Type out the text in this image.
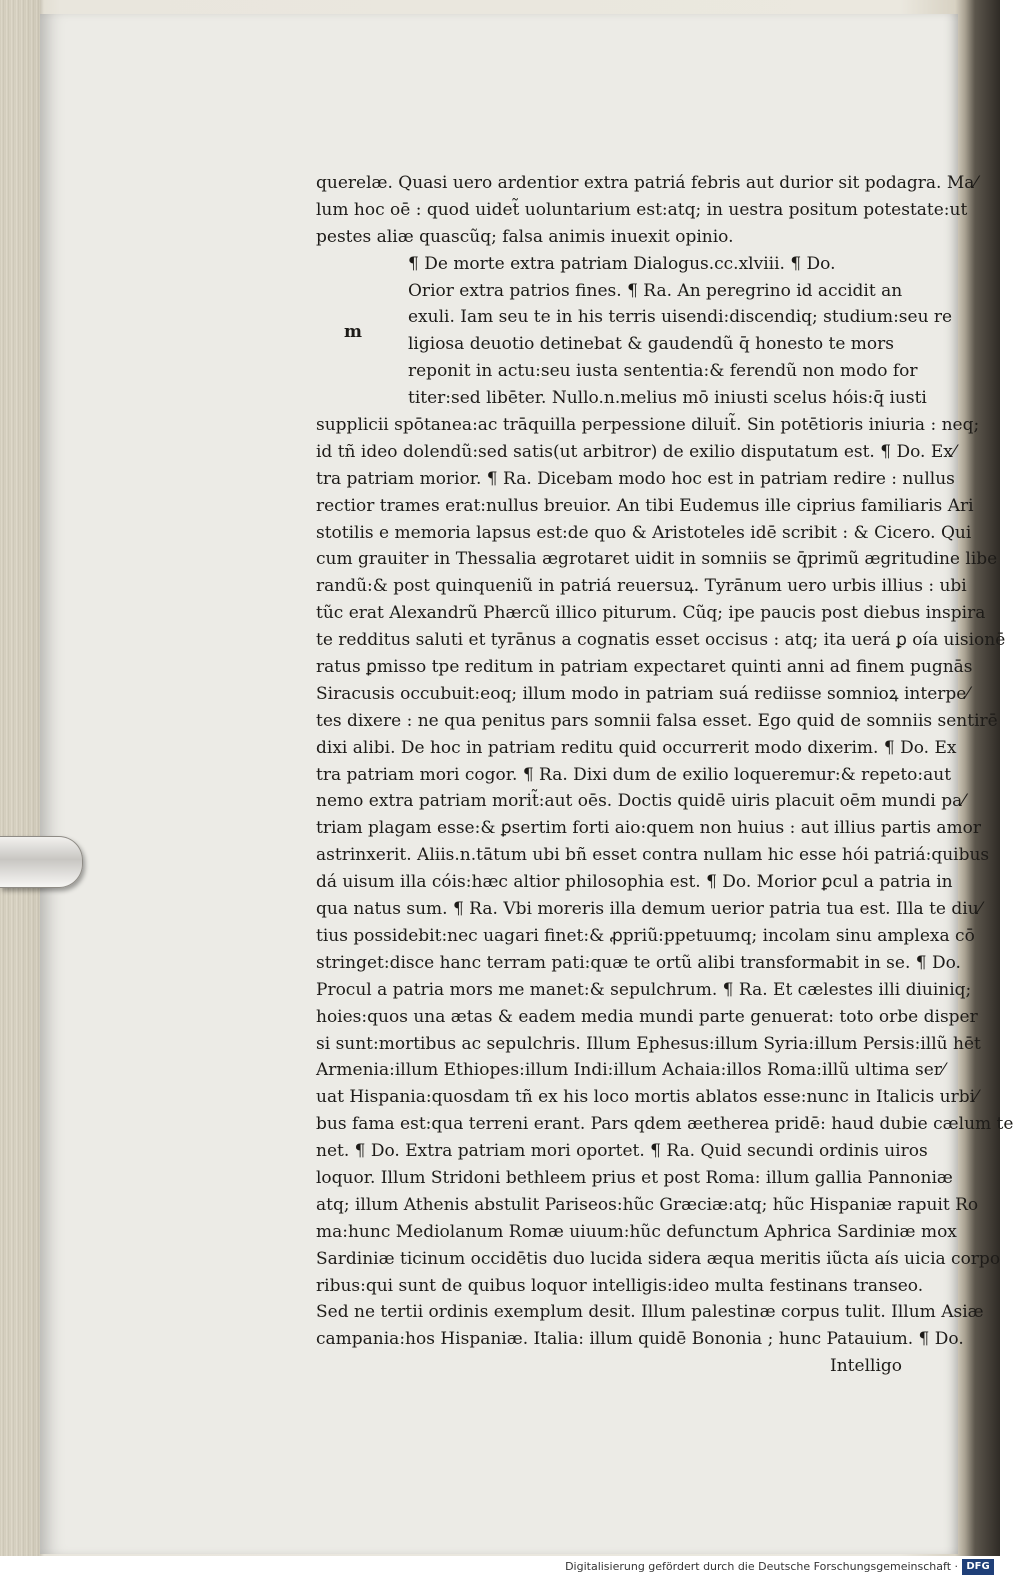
m
querelæ. Quasi uero ardentior extra patriá febris aut durior sit podagra. Ma⁄
lum hoc oē : quod uidet̃ uoluntarium est:atq; in uestra positum potestate:ut
pestes aliæ quascũq; falsa animis inuexit opinio.
¶ De morte extra patriam Dialogus.cc.xlviii. ¶ Do.
Orior extra patrios fines. ¶ Ra. An peregrino id accidit an
exuli. Iam seu te in his terris uisendi:discendiq; studium:seu re
ligiosa deuotio detinebat & gaudendũ q̄ honesto te mors
reponit in actu:seu iusta sententia:& ferendũ non modo for
titer:sed libēter. Nullo.n.melius mō iniusti scelus hóis:q̄ iusti
supplicii spōtanea:ac trāquilla perpessione diluit̃. Sin potētioris iniuria : neq;
id tñ ideo dolendũ:sed satis(ut arbitror) de exilio disputatum est. ¶ Do. Ex⁄
tra patriam morior. ¶ Ra. Dicebam modo hoc est in patriam redire : nullus
rectior trames erat:nullus breuior. An tibi Eudemus ille ciprius familiaris Ari
stotilis e memoria lapsus est:de quo & Aristoteles idē scribit : & Cicero. Qui
cum grauiter in Thessalia ægrotaret uidit in somniis se q̄primũ ægritudine libe
randũ:& post quinqueniũ in patriá reuersuꝝ. Tyrānum uero urbis illius : ubi
tũc erat Alexandrũ Phærcũ illico piturum. Cũq; ipe paucis post diebus inspira
te redditus saluti et tyrānus a cognatis esset occisus : atq; ita uerá ꝑ oía uisionē
ratus ꝑmisso tpe reditum in patriam expectaret quinti anni ad finem pugnās
Siracusis occubuit:eoq; illum modo in patriam suá rediisse somnioꝝ interpe⁄
tes dixere : ne qua penitus pars somnii falsa esset. Ego quid de somniis sentirē
dixi alibi. De hoc in patriam reditu quid occurrerit modo dixerim. ¶ Do. Ex
tra patriam mori cogor. ¶ Ra. Dixi dum de exilio loqueremur:& repeto:aut
nemo extra patriam morit̃:aut oēs. Doctis quidē uiris placuit oēm mundi pa⁄
triam plagam esse:& ꝑsertim forti aio:quem non huius : aut illius partis amor
astrinxerit. Aliis.n.tātum ubi bñ esset contra nullam hic esse hói patriá:quibus
dá uisum illa cóis:hæc altior philosophia est. ¶ Do. Morior ꝑcul a patria in
qua natus sum. ¶ Ra. Vbi moreris illa demum uerior patria tua est. Illa te diu⁄
tius possidebit:nec uagari finet:& ꝓpriũ:ppetuumq; incolam sinu amplexa cō
stringet:disce hanc terram pati:quæ te ortũ alibi transformabit in se. ¶ Do.
Procul a patria mors me manet:& sepulchrum. ¶ Ra. Et cælestes illi diuiniq;
hoies:quos una ætas & eadem media mundi parte genuerat: toto orbe disper
si sunt:mortibus ac sepulchris. Illum Ephesus:illum Syria:illum Persis:illũ hēt
Armenia:illum Ethiopes:illum Indi:illum Achaia:illos Roma:illũ ultima ser⁄
uat Hispania:quosdam tñ ex his loco mortis ablatos esse:nunc in Italicis urbi⁄
bus fama est:qua terreni erant. Pars qdem æetherea pridē: haud dubie cælum te
net. ¶ Do. Extra patriam mori oportet. ¶ Ra. Quid secundi ordinis uiros
loquor. Illum Stridoni bethleem prius et post Roma: illum gallia Pannoniæ
atq; illum Athenis abstulit Pariseos:hũc Græciæ:atq; hũc Hispaniæ rapuit Ro
ma:hunc Mediolanum Romæ uiuum:hũc defunctum Aphrica Sardiniæ mox
Sardiniæ ticinum occidētis duo lucida sidera æqua meritis iũcta aís uicia corpo
ribus:qui sunt de quibus loquor intelligis:ideo multa festinans transeo.
Sed ne tertii ordinis exemplum desit. Illum palestinæ corpus tulit. Illum Asiæ
campania:hos Hispaniæ. Italia: illum quidē Bononia ; hunc Patauium. ¶ Do.
Intelligo
Digitalisierung gefördert durch die Deutsche Forschungsgemeinschaft · DFG
